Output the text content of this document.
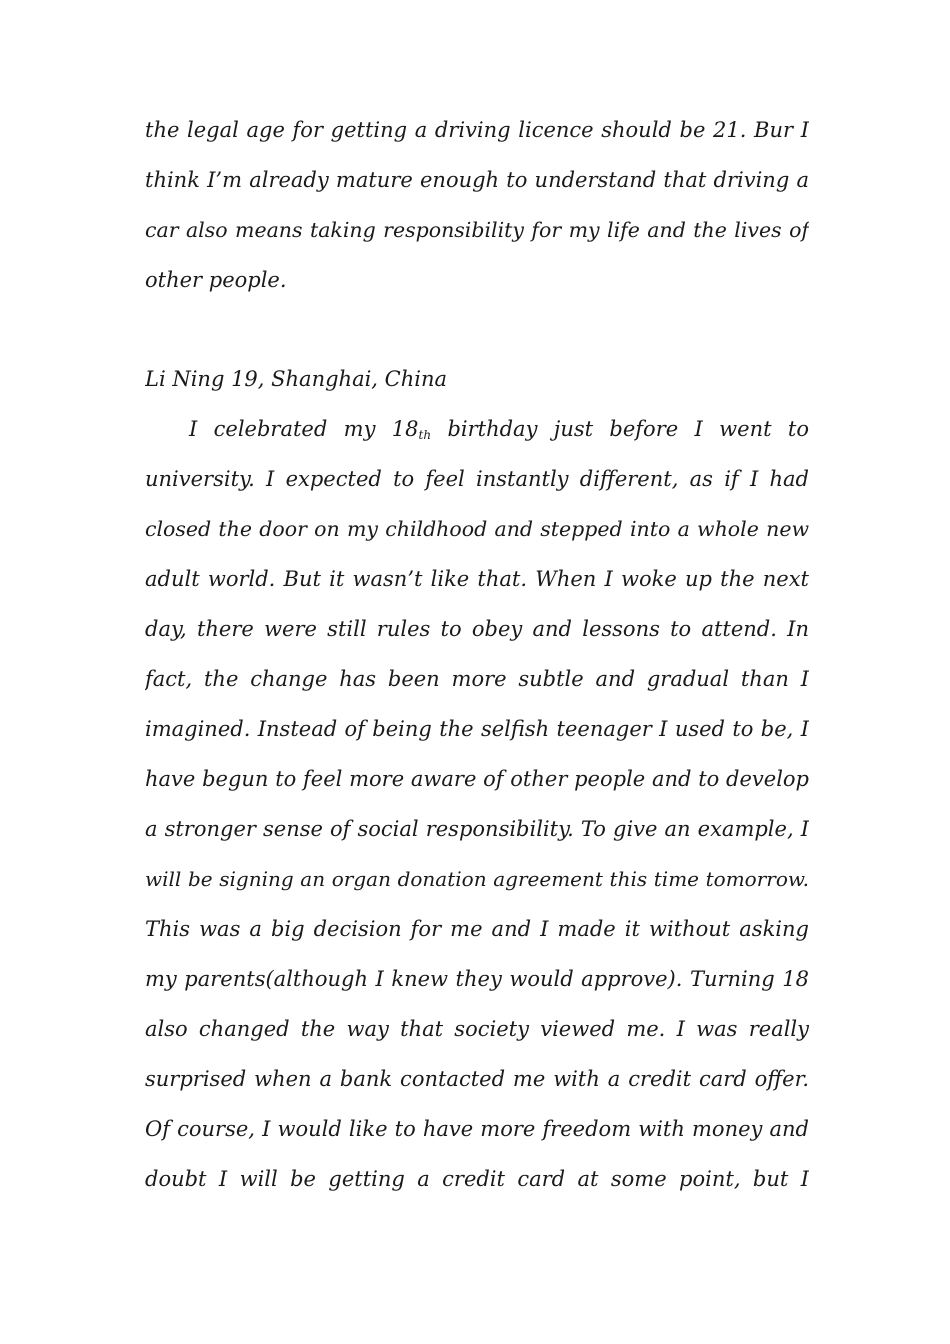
the legal age for getting a driving licence should be 21. Bur I
think I’m already mature enough to understand that driving a
car also means taking responsibility for my life and the lives of
other people.
Li Ning 19, Shanghai, China
I celebrated my 18th birthday just before I went to
university. I expected to feel instantly different, as if I had
closed the door on my childhood and stepped into a whole new
adult world. But it wasn’t like that. When I woke up the next
day, there were still rules to obey and lessons to attend. In
fact, the change has been more subtle and gradual than I
imagined. Instead of being the selfish teenager I used to be, I
have begun to feel more aware of other people and to develop
a stronger sense of social responsibility. To give an example, I
will be signing an organ donation agreement this time tomorrow.
This was a big decision for me and I made it without asking
my parents(although I knew they would approve). Turning 18
also changed the way that society viewed me. I was really
surprised when a bank contacted me with a credit card offer.
Of course, I would like to have more freedom with money and
doubt I will be getting a credit card at some point, but I
